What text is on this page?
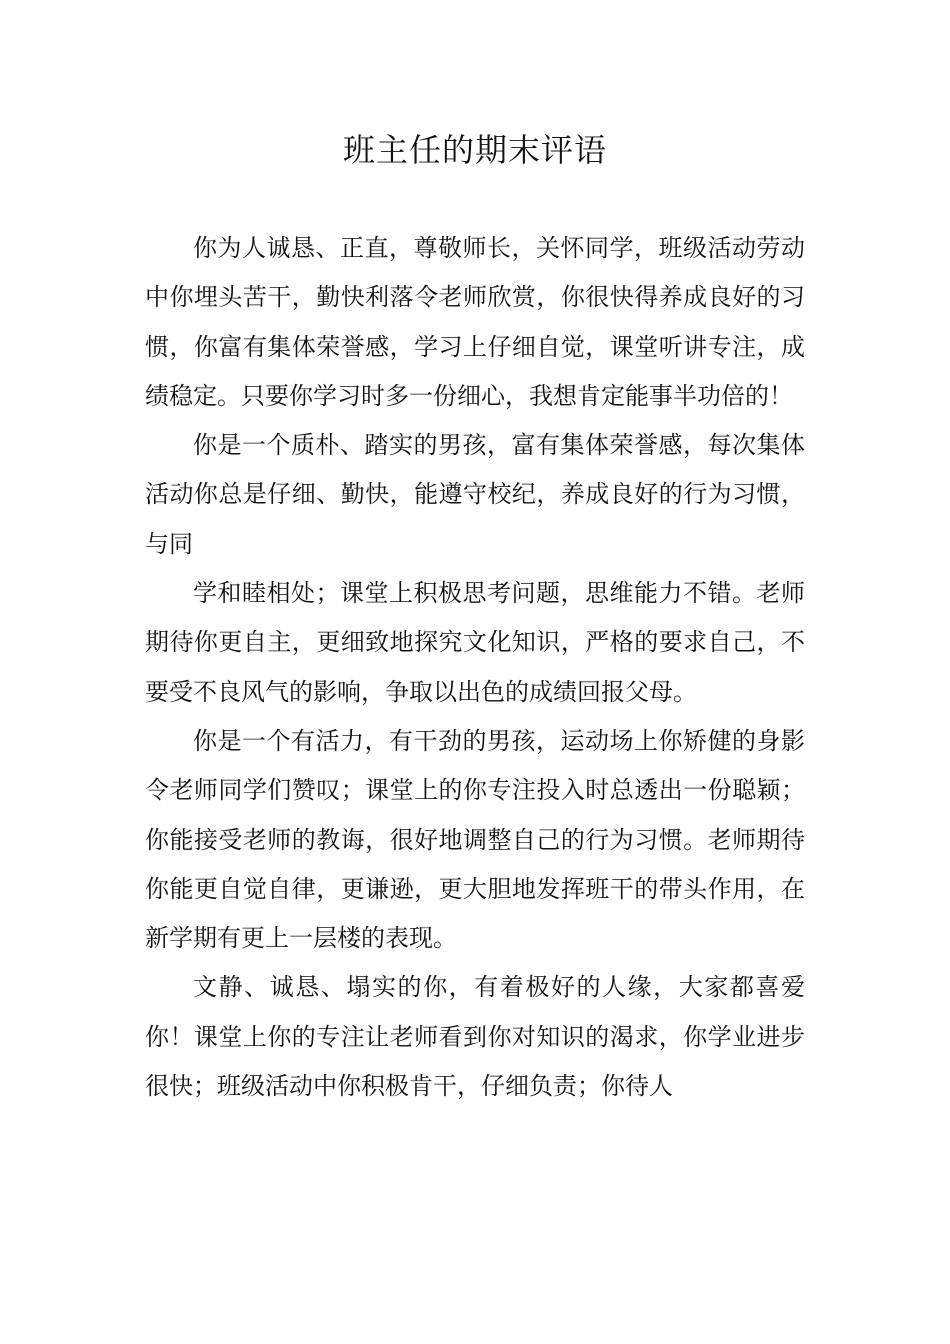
班主任的期末评语

你为人诚恳、正直，尊敬师长，关怀同学，班级活动劳动中你埋头苦干，勤快利落令老师欣赏，你很快得养成良好的习惯，你富有集体荣誉感，学习上仔细自觉，课堂听讲专注，成绩稳定。只要你学习时多一份细心，我想肯定能事半功倍的！

你是一个质朴、踏实的男孩，富有集体荣誉感，每次集体活动你总是仔细、勤快，能遵守校纪，养成良好的行为习惯，与同

学和睦相处；课堂上积极思考问题，思维能力不错。老师期待你更自主，更细致地探究文化知识，严格的要求自己，不要受不良风气的影响，争取以出色的成绩回报父母。

你是一个有活力，有干劲的男孩，运动场上你矫健的身影令老师同学们赞叹；课堂上的你专注投入时总透出一份聪颖；你能接受老师的教诲，很好地调整自己的行为习惯。老师期待你能更自觉自律，更谦逊，更大胆地发挥班干的带头作用，在新学期有更上一层楼的表现。

文静、诚恳、塌实的你，有着极好的人缘，大家都喜爱你！课堂上你的专注让老师看到你对知识的渴求，你学业进步很快；班级活动中你积极肯干，仔细负责；你待人
